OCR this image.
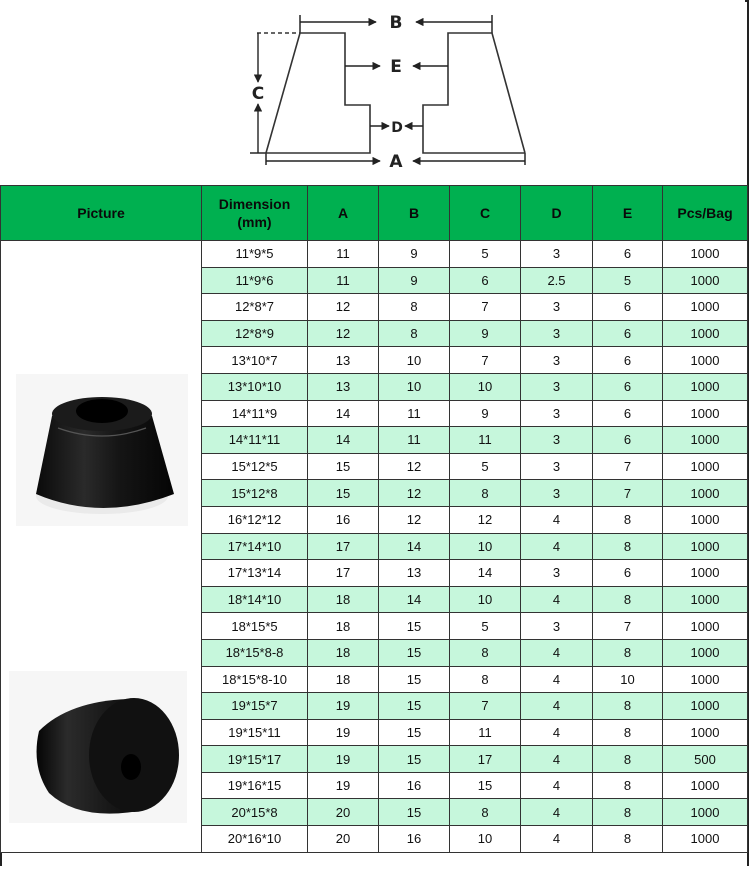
B
E
D
A
C
Picture	Dimension (mm)	A	B	C	D	E	Pcs/Bag

	11*9*5	11	9	5	3	6	1000
	11*9*6	11	9	6	2.5	5	1000
	12*8*7	12	8	7	3	6	1000
	12*8*9	12	8	9	3	6	1000
	13*10*7	13	10	7	3	6	1000
	13*10*10	13	10	10	3	6	1000
	14*11*9	14	11	9	3	6	1000
	14*11*11	14	11	11	3	6	1000
	15*12*5	15	12	5	3	7	1000
	15*12*8	15	12	8	3	7	1000
	16*12*12	16	12	12	4	8	1000
	17*14*10	17	14	10	4	8	1000
	17*13*14	17	13	14	3	6	1000
	18*14*10	18	14	10	4	8	1000
	18*15*5	18	15	5	3	7	1000
	18*15*8-8	18	15	8	4	8	1000
	18*15*8-10	18	15	8	4	10	1000
	19*15*7	19	15	7	4	8	1000
	19*15*11	19	15	11	4	8	1000
	19*15*17	19	15	17	4	8	500
	19*16*15	19	16	15	4	8	1000
	20*15*8	20	15	8	4	8	1000
	20*16*10	20	16	10	4	8	1000
